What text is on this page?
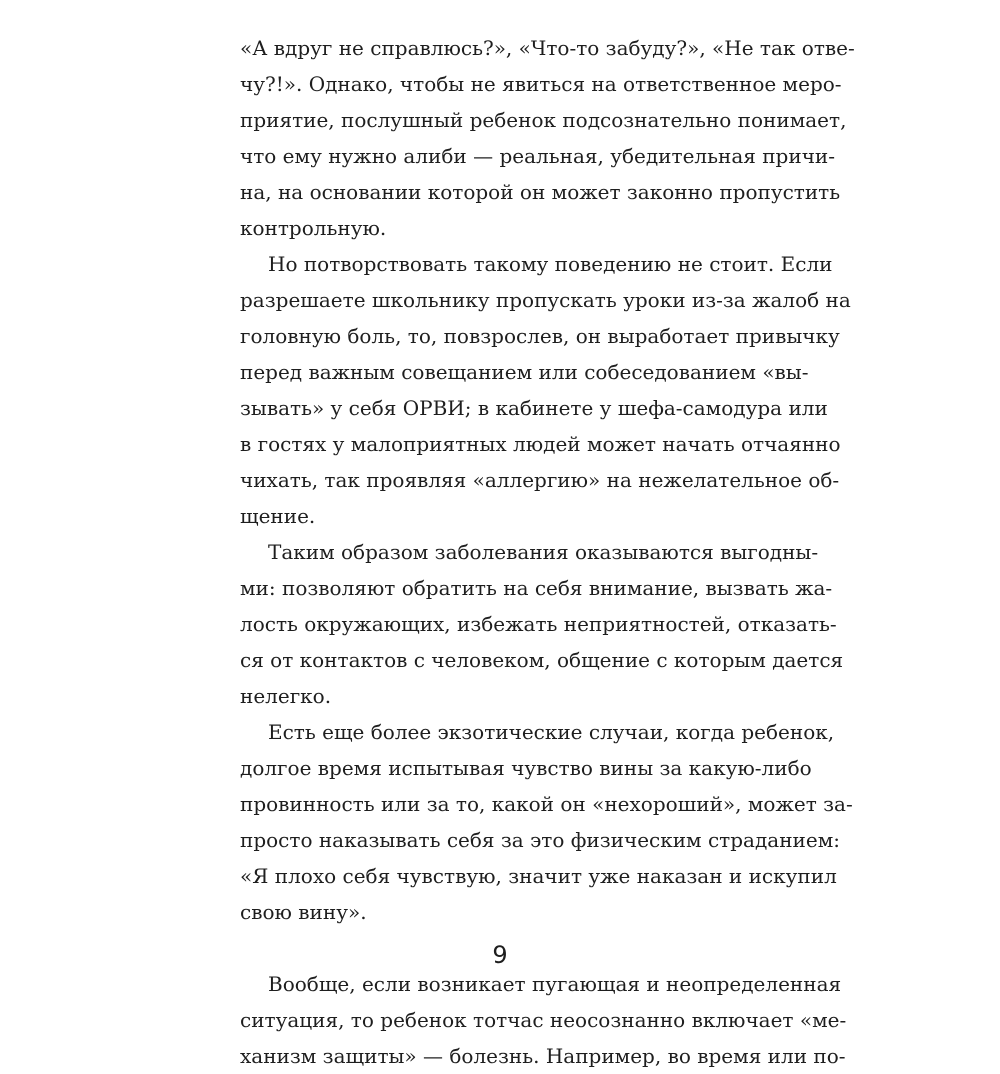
«А вдруг не справлюсь?», «Что-то забуду?», «Не так отве-
чу?!». Однако, чтобы не явиться на ответственное меро-
приятие, послушный ребенок подсознательно понимает,
что ему нужно алиби — реальная, убедительная причи-
на, на основании которой он может законно пропустить
контрольную.
Но потворствовать такому поведению не стоит. Если
разрешаете школьнику пропускать уроки из-за жалоб на
головную боль, то, повзрослев, он выработает привычку
перед важным совещанием или собеседованием «вы-
зывать» у себя ОРВИ; в кабинете у шефа-самодура или
в гостях у малоприятных людей может начать отчаянно
чихать, так проявляя «аллергию» на нежелательное об-
щение.
Таким образом заболевания оказываются выгодны-
ми: позволяют обратить на себя внимание, вызвать жа-
лость окружающих, избежать неприятностей, отказать-
ся от контактов с человеком, общение с которым дается
нелегко.
Есть еще более экзотические случаи, когда ребенок,
долгое время испытывая чувство вины за какую-либо
провинность или за то, какой он «нехороший», может за-
просто наказывать себя за это физическим страданием:
«Я плохо себя чувствую, значит уже наказан и искупил
свою вину».
Вообще, если возникает пугающая и неопределенная
ситуация, то ребенок тотчас неосознанно включает «ме-
ханизм защиты» — болезнь. Например, во время или по-
9
